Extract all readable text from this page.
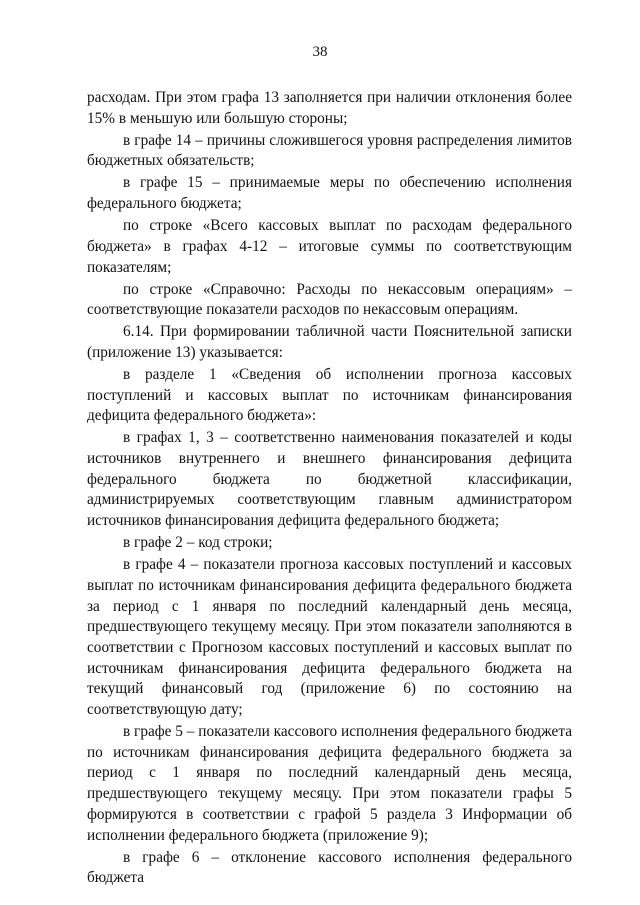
38

расходам. При этом графа 13 заполняется при наличии отклонения более 15% в меньшую или большую стороны;

в графе 14 – причины сложившегося уровня распределения лимитов бюджетных обязательств;

в графе 15 – принимаемые меры по обеспечению исполнения федерального бюджета;

по строке «Всего кассовых выплат по расходам федерального бюджета» в графах 4-12 – итоговые суммы по соответствующим показателям;

по строке «Справочно: Расходы по некассовым операциям» – соответствующие показатели расходов по некассовым операциям.

6.14. При формировании табличной части Пояснительной записки (приложение 13) указывается:

в разделе 1 «Сведения об исполнении прогноза кассовых поступлений и кассовых выплат по источникам финансирования дефицита федерального бюджета»:

в графах 1, 3 – соответственно наименования показателей и коды источников внутреннего и внешнего финансирования дефицита федерального бюджета по бюджетной классификации, администрируемых соответствующим главным администратором источников финансирования дефицита федерального бюджета;

в графе 2 – код строки;

в графе 4 – показатели прогноза кассовых поступлений и кассовых выплат по источникам финансирования дефицита федерального бюджета за период с 1 января по последний календарный день месяца, предшествующего текущему месяцу. При этом показатели заполняются в соответствии с Прогнозом кассовых поступлений и кассовых выплат по источникам финансирования дефицита федерального бюджета на текущий финансовый год (приложение 6) по состоянию на соответствующую дату;

в графе 5 – показатели кассового исполнения федерального бюджета по источникам финансирования дефицита федерального бюджета за период с 1 января по последний календарный день месяца, предшествующего текущему месяцу. При этом показатели графы 5 формируются в соответствии с графой 5 раздела 3 Информации об исполнении федерального бюджета (приложение 9);

в графе 6 – отклонение кассового исполнения федерального бюджета
